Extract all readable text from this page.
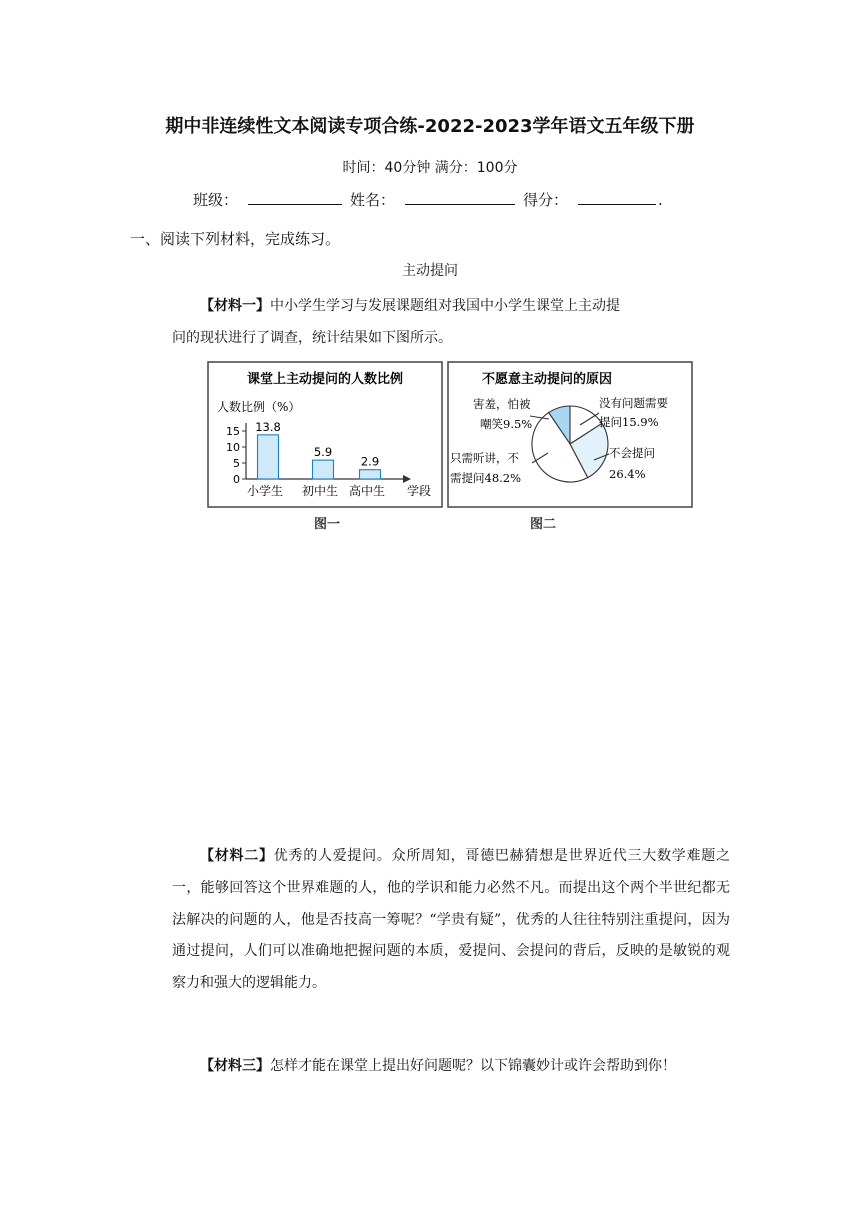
期中非连续性文本阅读专项合练-2022-2023学年语文五年级下册
时间：40分钟 满分：100分
班级：	姓名：	得分：	.
一、阅读下列材料，完成练习。
主动提问

【材料一】中小学生学习与发展课题组对我国中小学生课堂上主动提
问的现状进行了调查，统计结果如下图所示。

课堂上主动提问的人数比例
人数比例（%）
0
5
10
15 13.8
小学生
5.9
初中生
2.9
高中生 学段
不愿意主动提问的原因
害羞，怕被
嘲笑9.5%
没有问题需要
提问15.9%
不会提问
26.4%
只需听讲，不
需提问48.2%
图一	图二

【材料二】优秀的人爱提问。众所周知，哥德巴赫猜想是世界近代三大数学难题之一，能够回答这个世界难题的人，他的学识和能力必然不凡。而提出这个两个半世纪都无法解决的问题的人，他是否技高一筹呢？“学贵有疑”，优秀的人往往特别注重提问，因为通过提问，人们可以准确地把握问题的本质，爱提问、会提问的背后，反映的是敏锐的观察力和强大的逻辑能力。

【材料三】怎样才能在课堂上提出好问题呢？以下锦囊妙计或许会帮助到你！
